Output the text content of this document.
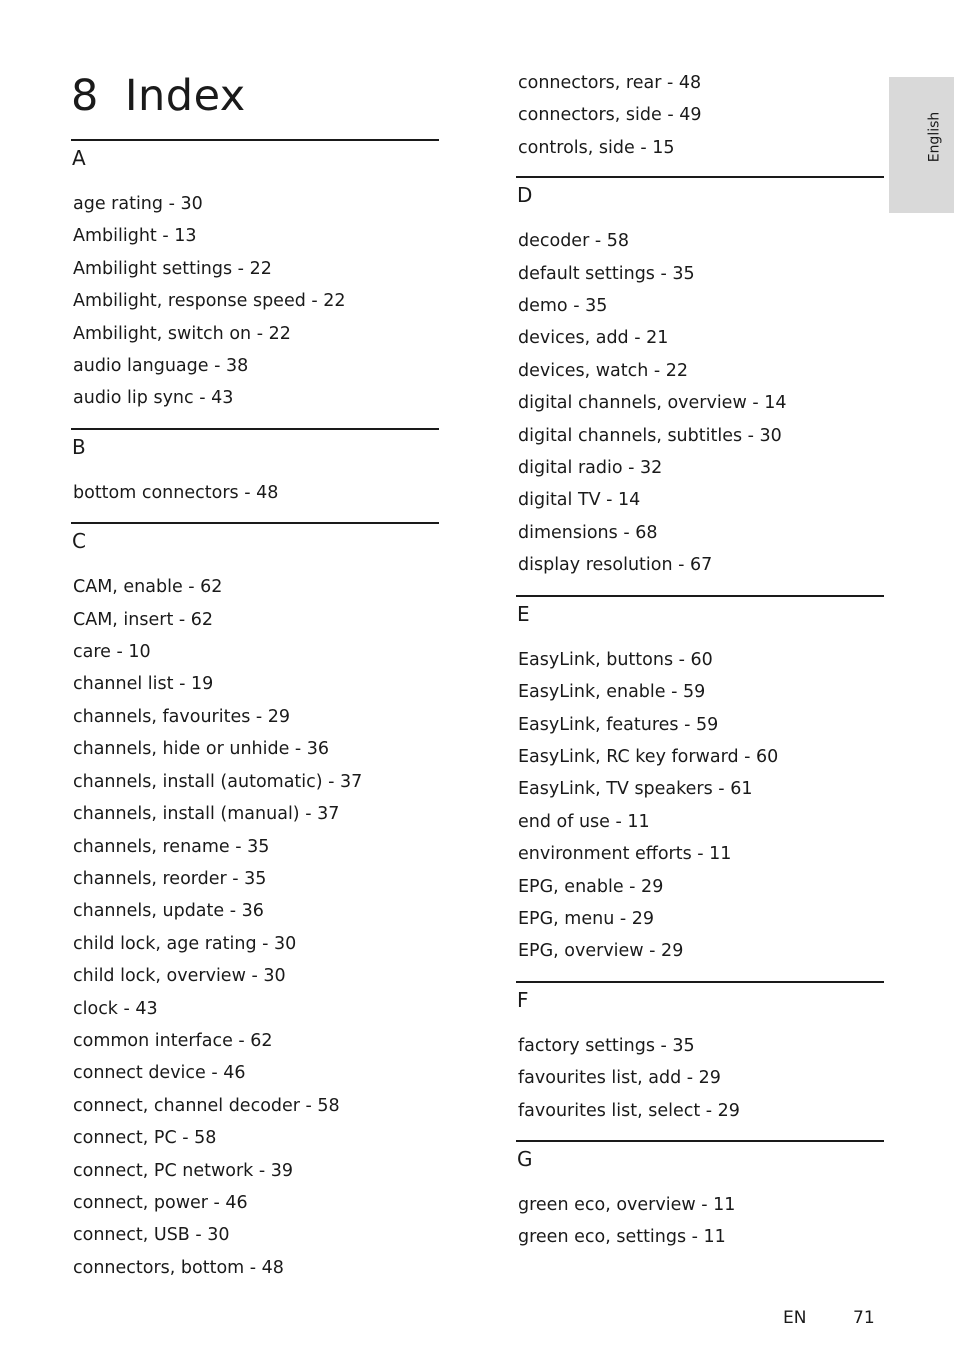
8 Index
English
A
age rating - 30
Ambilight - 13
Ambilight settings - 22
Ambilight, response speed - 22
Ambilight, switch on - 22
audio language - 38
audio lip sync - 43
B
bottom connectors - 48
C
CAM, enable - 62
CAM, insert - 62
care - 10
channel list - 19
channels, favourites - 29
channels, hide or unhide - 36
channels, install (automatic) - 37
channels, install (manual) - 37
channels, rename - 35
channels, reorder - 35
channels, update - 36
child lock, age rating - 30
child lock, overview - 30
clock - 43
common interface - 62
connect device - 46
connect, channel decoder - 58
connect, PC - 58
connect, PC network - 39
connect, power - 46
connect, USB - 30
connectors, bottom - 48
connectors, rear - 48
connectors, side - 49
controls, side - 15
D
decoder - 58
default settings - 35
demo - 35
devices, add - 21
devices, watch - 22
digital channels, overview - 14
digital channels, subtitles - 30
digital radio - 32
digital TV - 14
dimensions - 68
display resolution - 67
E
EasyLink, buttons - 60
EasyLink, enable - 59
EasyLink, features - 59
EasyLink, RC key forward - 60
EasyLink, TV speakers - 61
end of use - 11
environment efforts - 11
EPG, enable - 29
EPG, menu - 29
EPG, overview - 29
F
factory settings - 35
favourites list, add - 29
favourites list, select - 29
G
green eco, overview - 11
green eco, settings - 11
EN	71
